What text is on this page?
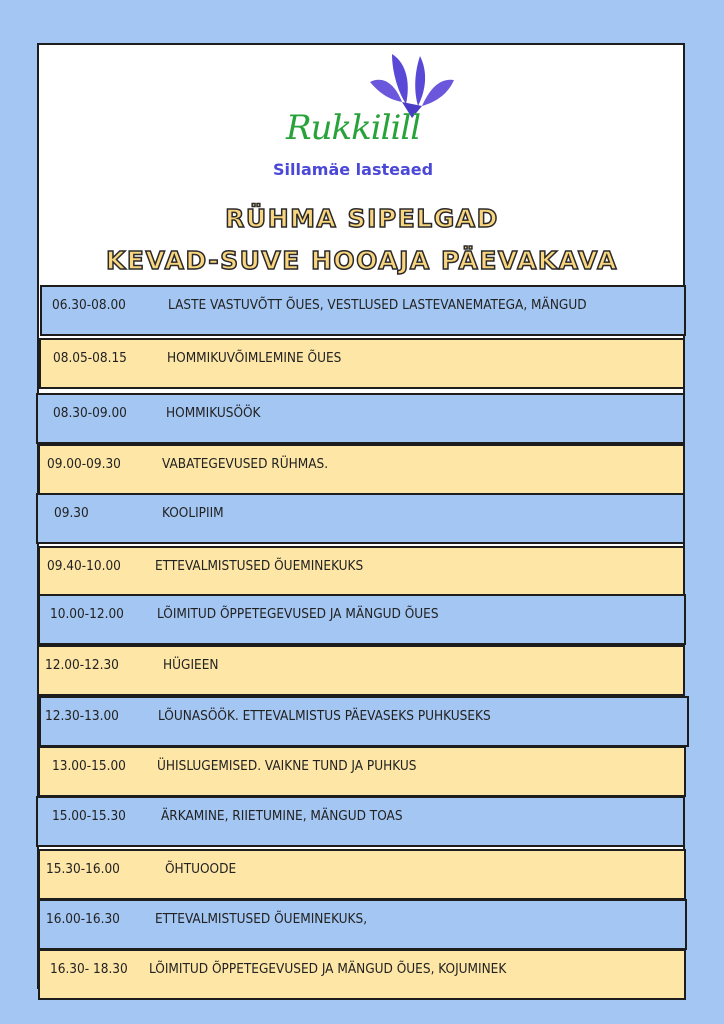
Rukkilill
Sillamäe lasteaed
RÜHMA SIPELGAD
KEVAD-SUVE HOOAJA PÄEVAKAVA
06.30-08.00	LASTE VASTUVÕTT ÕUES, VESTLUSED LASTEVANEMATEGA, MÄNGUD
08.05-08.15	HOMMIKUVÕIMLEMINE ÕUES
08.30-09.00	HOMMIKUSÖÖK
09.00-09.30	VABATEGEVUSED RÜHMAS.
09.30	KOOLIPIIM
09.40-10.00	ETTEVALMISTUSED ÕUEMINEKUKS
10.00-12.00 LÕIMITUD ÕPPETEGEVUSED JA MÄNGUD ÕUES
12.00-12.30	HÜGIEEN
12.30-13.00	LÕUNASÖÖK. ETTEVALMISTUS PÄEVASEKS PUHKUSEKS
13.00-15.00 ÜHISLUGEMISED. VAIKNE TUND JA PUHKUS
15.00-15.30	ÄRKAMINE, RIIETUMINE, MÄNGUD TOAS
15.30-16.00	ÕHTUOODE
16.00-16.30	ETTEVALMISTUSED ÕUEMINEKUKS,
16.30- 18.30 LÕIMITUD ÕPPETEGEVUSED JA MÄNGUD ÕUES, KOJUMINEK
